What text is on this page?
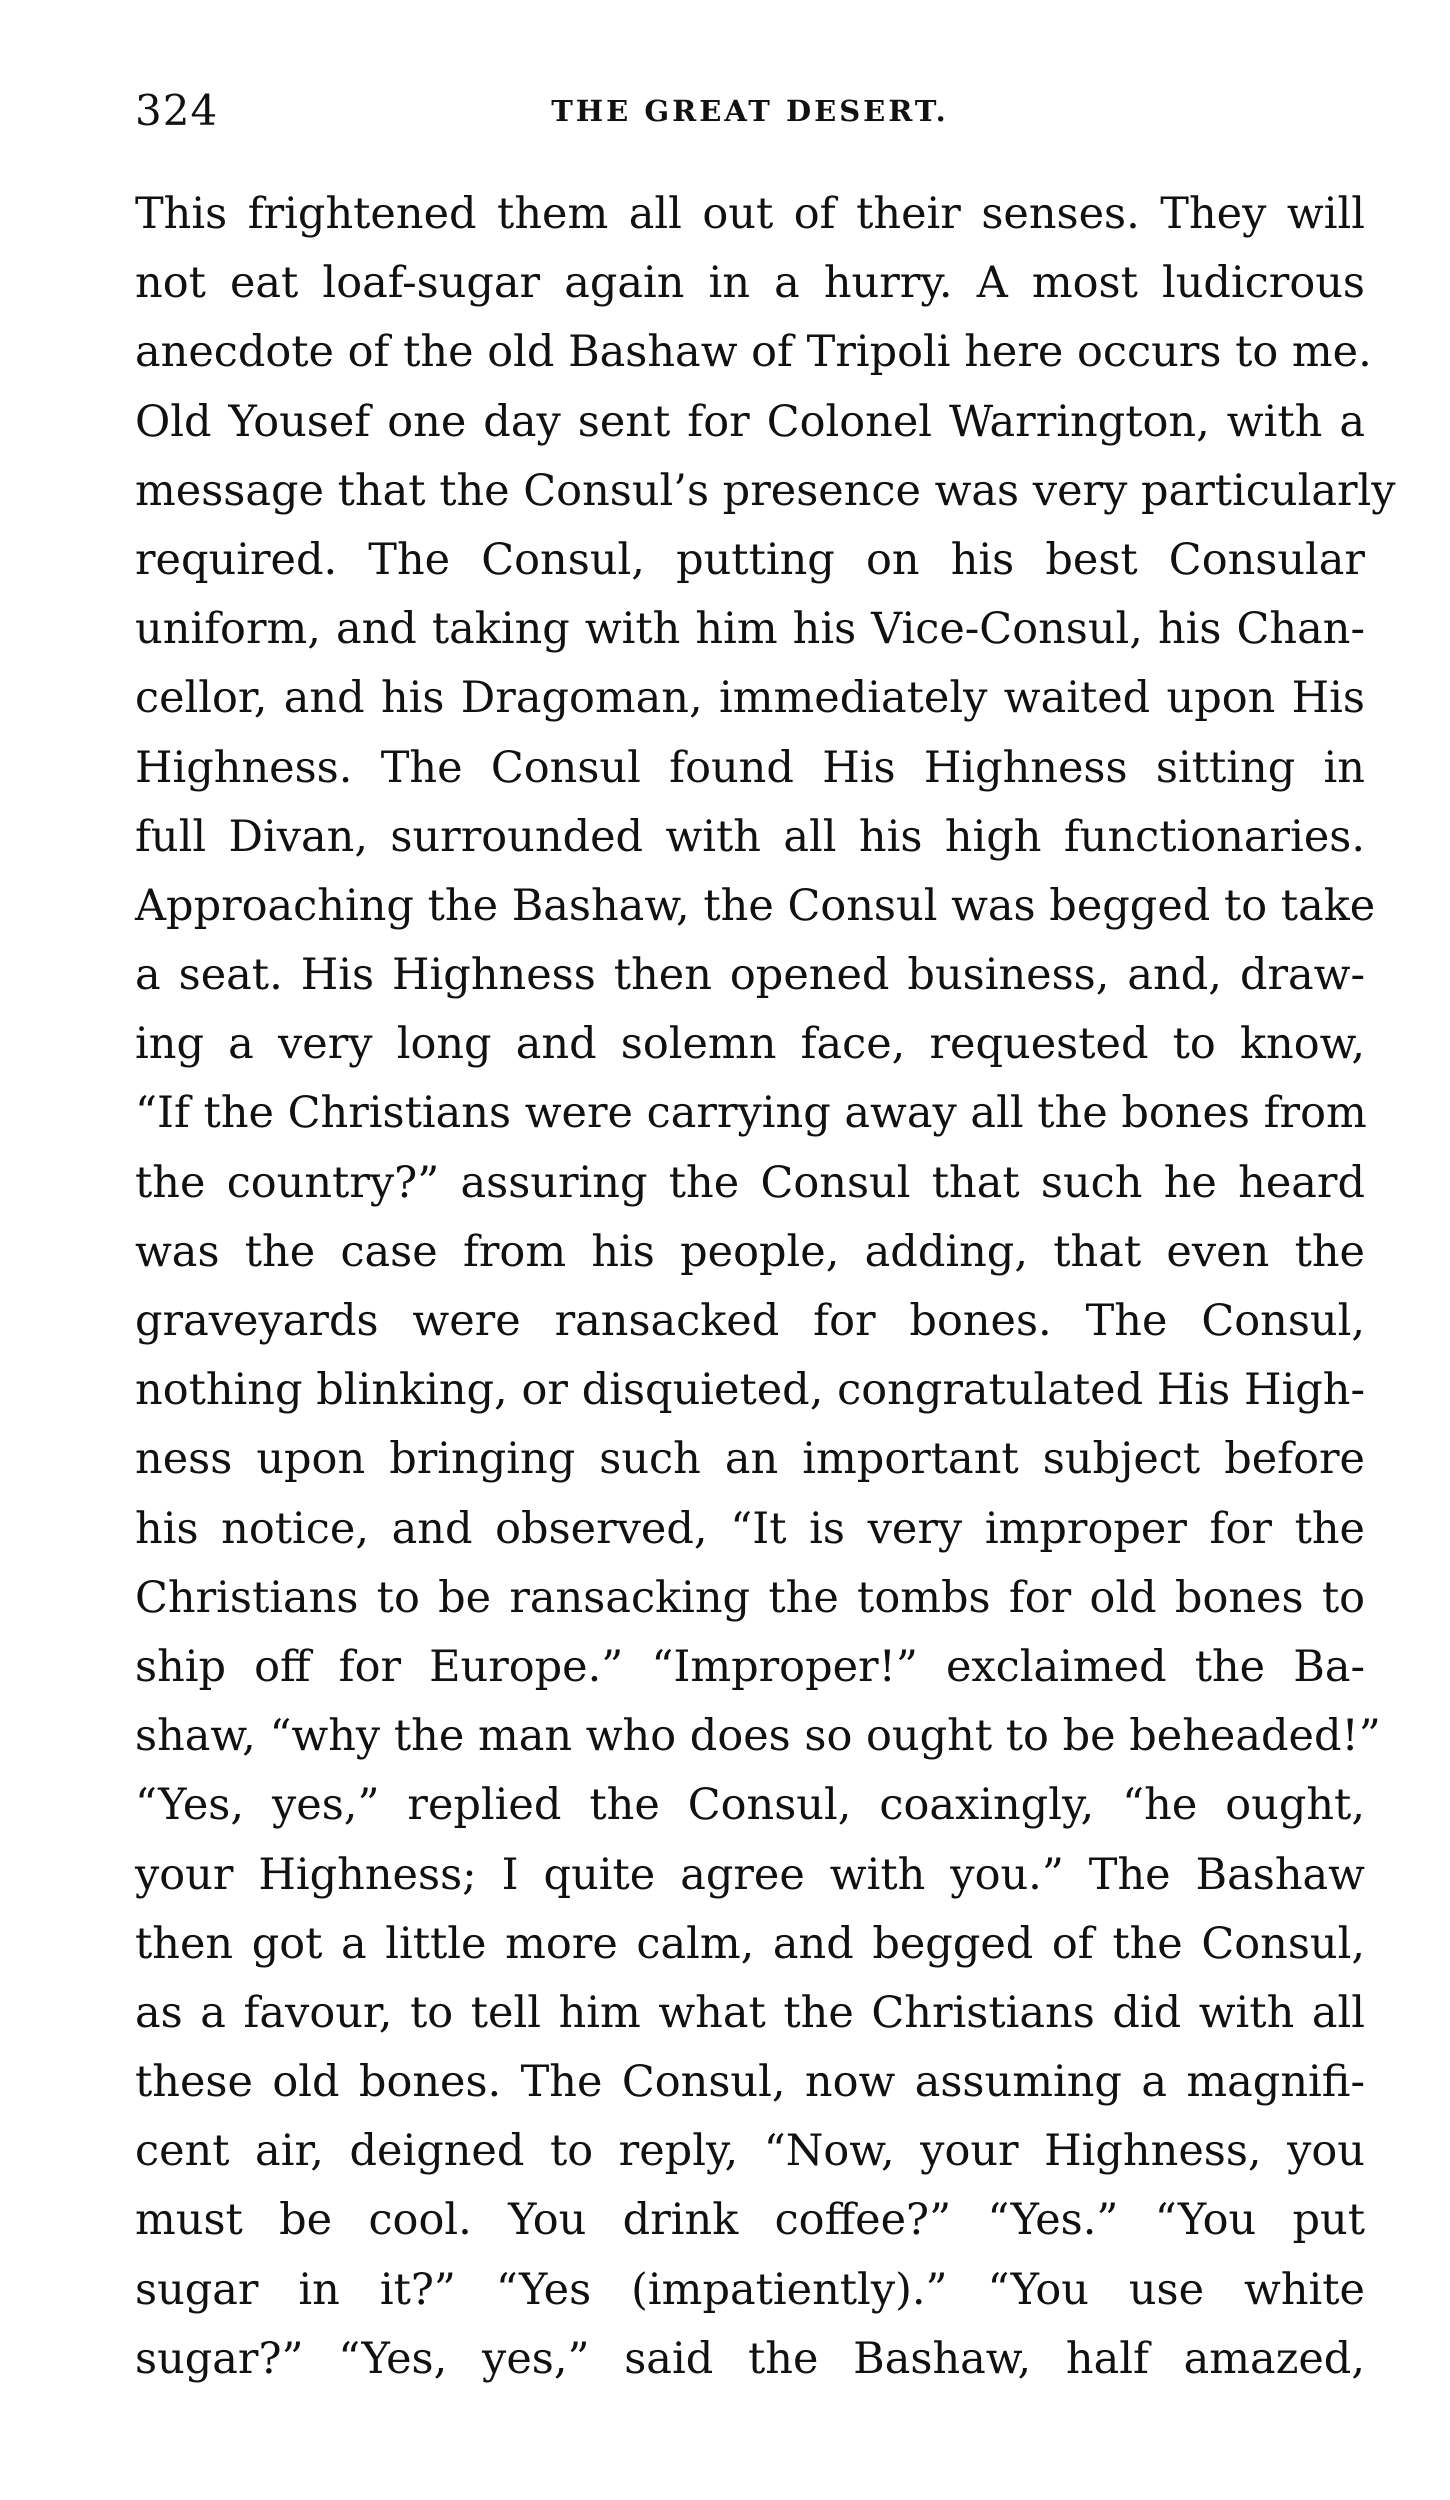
324	THE GREAT DESERT.
This frightened them all out of their senses. They will
not eat loaf-sugar again in a hurry. A most ludicrous
anecdote of the old Bashaw of Tripoli here occurs to me.
Old Yousef one day sent for Colonel Warrington, with a
message that the Consul’s presence was very particularly
required. The Consul, putting on his best Consular
uniform, and taking with him his Vice-Consul, his Chan-
cellor, and his Dragoman, immediately waited upon His
Highness. The Consul found His Highness sitting in
full Divan, surrounded with all his high functionaries.
Approaching the Bashaw, the Consul was begged to take
a seat. His Highness then opened business, and, draw-
ing a very long and solemn face, requested to know,
“If the Christians were carrying away all the bones from
the country?” assuring the Consul that such he heard
was the case from his people, adding, that even the
graveyards were ransacked for bones. The Consul,
nothing blinking, or disquieted, congratulated His High-
ness upon bringing such an important subject before
his notice, and observed, “It is very improper for the
Christians to be ransacking the tombs for old bones to
ship off for Europe.” “Improper!” exclaimed the Ba-
shaw, “why the man who does so ought to be beheaded!”
“Yes, yes,” replied the Consul, coaxingly, “he ought,
your Highness; I quite agree with you.” The Bashaw
then got a little more calm, and begged of the Consul,
as a favour, to tell him what the Christians did with all
these old bones. The Consul, now assuming a magnifi-
cent air, deigned to reply, “Now, your Highness, you
must be cool. You drink coffee?” “Yes.” “You put
sugar in it?” “Yes (impatiently).” “You use white
sugar?” “Yes, yes,” said the Bashaw, half amazed,
